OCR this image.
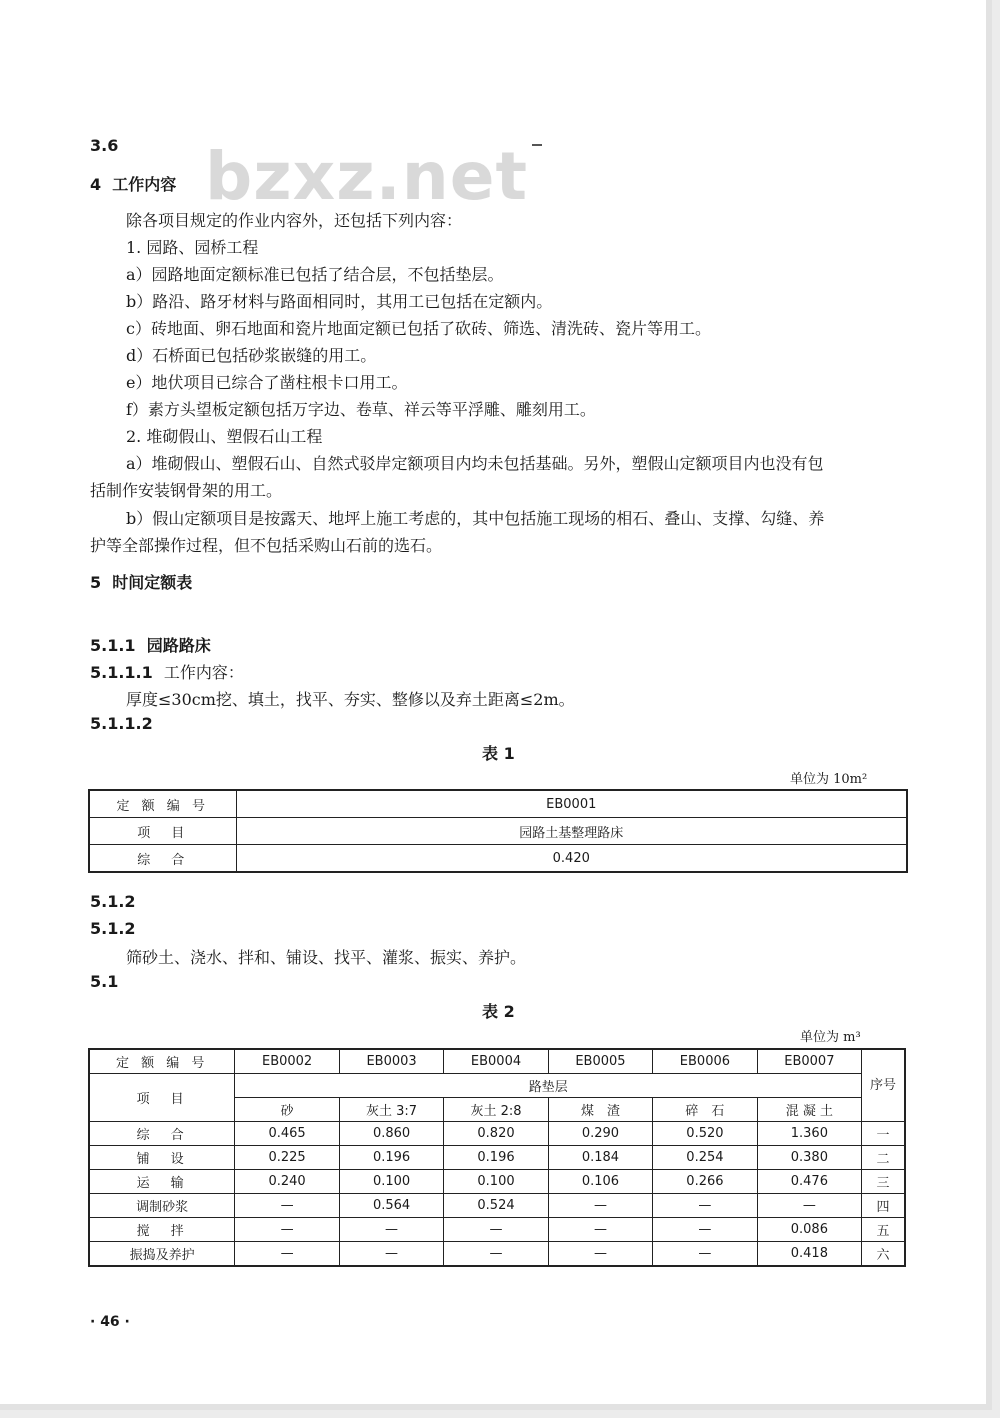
bzxz.net
3.6
4 工作内容
除各项目规定的作业内容外，还包括下列内容：
1. 园路、园桥工程
a）园路地面定额标准已包括了结合层，不包括垫层。
b）路沿、路牙材料与路面相同时，其用工已包括在定额内。
c）砖地面、卵石地面和瓷片地面定额已包括了砍砖、筛选、清洗砖、瓷片等用工。
d）石桥面已包括砂浆嵌缝的用工。
e）地伏项目已综合了凿柱根卡口用工。
f）素方头望板定额包括万字边、卷草、祥云等平浮雕、雕刻用工。
2. 堆砌假山、塑假石山工程
a）堆砌假山、塑假石山、自然式驳岸定额项目内均未包括基础。另外，塑假山定额项目内也没有包
括制作安装钢骨架的用工。
b）假山定额项目是按露天、地坪上施工考虑的，其中包括施工现场的相石、叠山、支撑、勾缝、养
护等全部操作过程，但不包括采购山石前的选石。
5 时间定额表

5.1.1 园路路床
5.1.1.1 工作内容：
厚度≤30cm挖、填土，找平、夯实、整修以及弃土距离≤2m。
5.1.1.2
表 1
单位为 10m²
定 额 编 号	EB0001
项　目	园路土基整理路床
综　合	0.420
5.1.2
5.1.2
筛砂土、浇水、拌和、铺设、找平、灌浆、振实、养护。
5.1
表 2
单位为 m³
定 额 编 号	EB0002	EB0003	EB0004	EB0005	EB0006	EB0007	序号
项　目	路垫层						
	砂	灰土 3:7	灰土 2:8	煤　渣	碎　石	混 凝 土	
综　合	0.465	0.860	0.820	0.290	0.520	1.360	一
铺　设	0.225	0.196	0.196	0.184	0.254	0.380	二
运　输	0.240	0.100	0.100	0.106	0.266	0.476	三
调制砂浆	—	0.564	0.524	—	—	—	四
搅　拌	—	—	—	—	—	0.086	五
振捣及养护	—	—	—	—	—	0.418	六
· 46 ·
